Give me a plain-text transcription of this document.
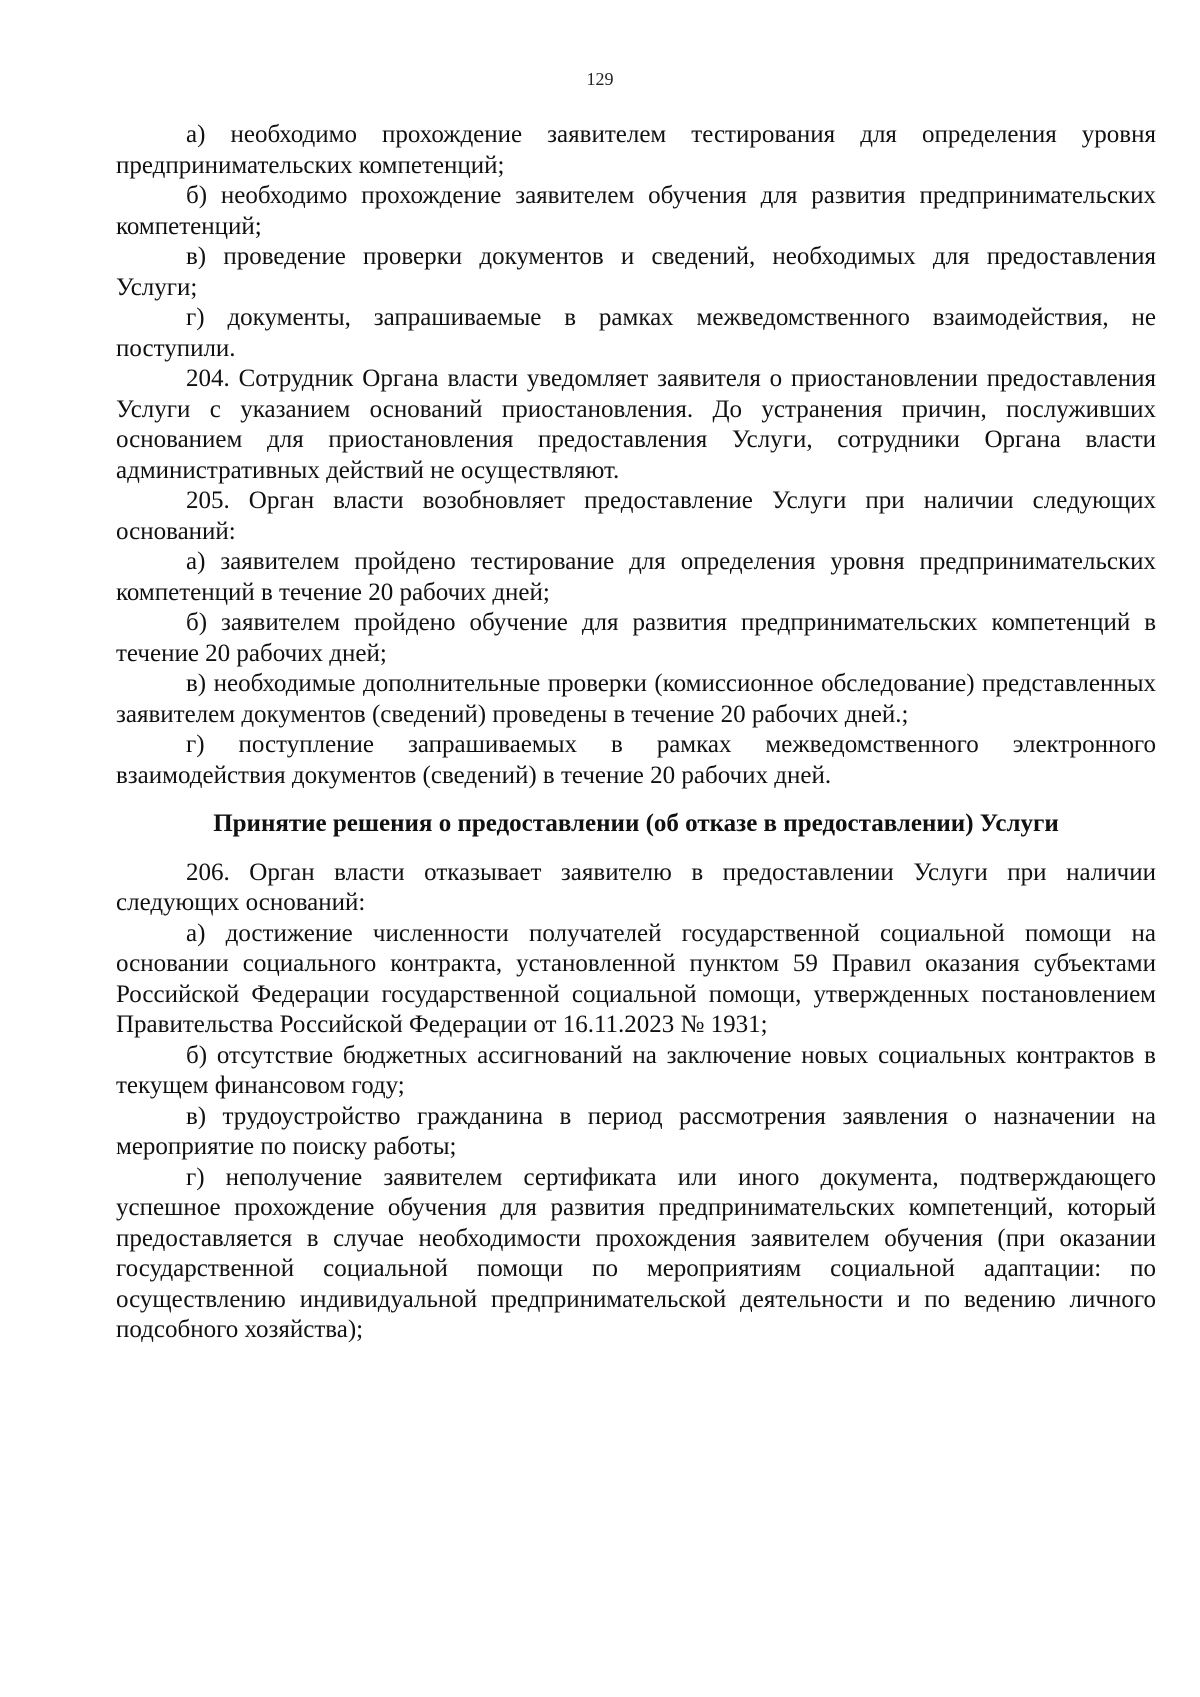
129

а) необходимо прохождение заявителем тестирования для определения уровня предпринимательских компетенций;

б) необходимо прохождение заявителем обучения для развития предпринимательских компетенций;

в) проведение проверки документов и сведений, необходимых для предоставления Услуги;

г) документы, запрашиваемые в рамках межведомственного взаимодействия, не поступили.

204. Сотрудник Органа власти уведомляет заявителя о приостановлении предоставления Услуги с указанием оснований приостановления. До устранения причин, послуживших основанием для приостановления предоставления Услуги, сотрудники Органа власти административных действий не осуществляют.

205. Орган власти возобновляет предоставление Услуги при наличии следующих оснований:

а) заявителем пройдено тестирование для определения уровня предпринимательских компетенций в течение 20 рабочих дней;

б) заявителем пройдено обучение для развития предпринимательских компетенций в течение 20 рабочих дней;

в) необходимые дополнительные проверки (комиссионное обследование) представленных заявителем документов (сведений) проведены в течение 20 рабочих дней.;

г) поступление запрашиваемых в рамках межведомственного электронного взаимодействия документов (сведений) в течение 20 рабочих дней.

Принятие решения о предоставлении (об отказе в предоставлении) Услуги

206. Орган власти отказывает заявителю в предоставлении Услуги при наличии следующих оснований:

а) достижение численности получателей государственной социальной помощи на основании социального контракта, установленной пунктом 59 Правил оказания субъектами Российской Федерации государственной социальной помощи, утвержденных постановлением Правительства Российской Федерации от 16.11.2023 № 1931;

б) отсутствие бюджетных ассигнований на заключение новых социальных контрактов в текущем финансовом году;

в) трудоустройство гражданина в период рассмотрения заявления о назначении на мероприятие по поиску работы;

г) неполучение заявителем сертификата или иного документа, подтверждающего успешное прохождение обучения для развития предпринимательских компетенций, который предоставляется в случае необходимости прохождения заявителем обучения (при оказании государственной социальной помощи по мероприятиям социальной адаптации: по осуществлению индивидуальной предпринимательской деятельности и по ведению личного подсобного хозяйства);
